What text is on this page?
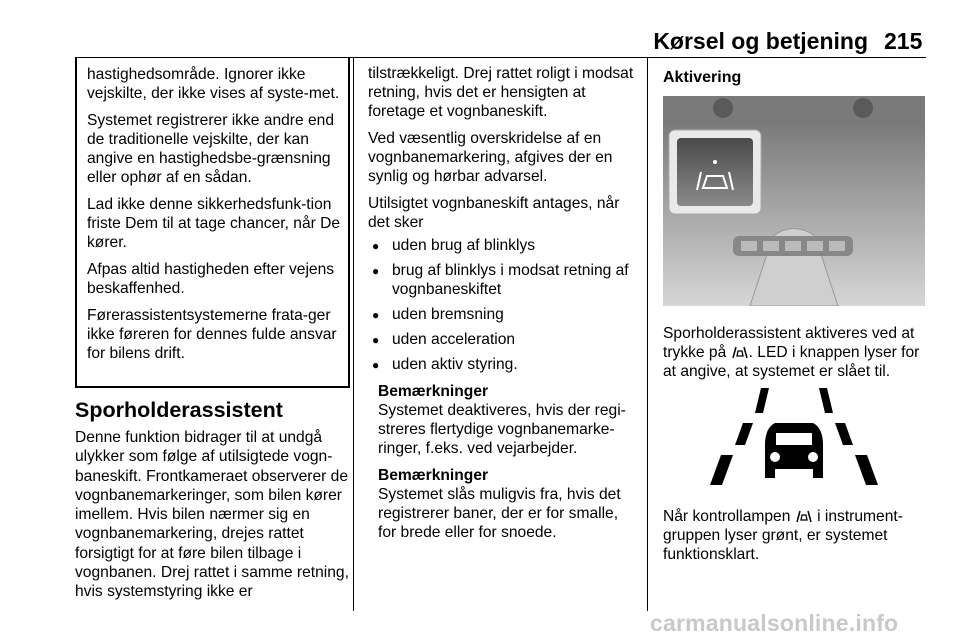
Kørsel og betjening 215

hastighedsområde. Ignorer ikke vejskilte, der ikke vises af syste-met.

Systemet registrerer ikke andre end de traditionelle vejskilte, der kan angive en hastighedsbe-grænsning eller ophør af en sådan.

Lad ikke denne sikkerhedsfunk-tion friste Dem til at tage chancer, når De kører.

Afpas altid hastigheden efter vejens beskaffenhed.

Førerassistentsystemerne frata-ger ikke føreren for dennes fulde ansvar for bilens drift.

Sporholderassistent
Denne funktion bidrager til at undgå ulykker som følge af utilsigtede vogn-baneskift. Frontkameraet observerer de vognbanemarkeringer, som bilen kører imellem. Hvis bilen nærmer sig en vognbanemarkering, drejes rattet forsigtigt for at føre bilen tilbage i vognbanen. Drej rattet i samme retning, hvis systemstyring ikke er

tilstrækkeligt. Drej rattet roligt i modsat retning, hvis det er hensigten at foretage et vognbaneskift.

Ved væsentlig overskridelse af en vognbanemarkering, afgives der en synlig og hørbar advarsel.

Utilsigtet vognbaneskift antages, når det sker

● uden brug af blinklys
● brug af blinklys i modsat retning af vognbaneskiftet
● uden bremsning
● uden acceleration
● uden aktiv styring.
Bemærkninger
Systemet deaktiveres, hvis der regi-streres flertydige vognbanemarke-ringer, f.eks. ved vejarbejder.
Bemærkninger
Systemet slås muligvis fra, hvis det registrerer baner, der er for smalle, for brede eller for snoede.
Aktivering
Sporholderassistent aktiveres ved at trykke på . LED i knappen lyser for at angive, at systemet er slået til.
Når kontrollampen  i instrument-gruppen lyser grønt, er systemet funktionsklart.
carmanualsonline.info
